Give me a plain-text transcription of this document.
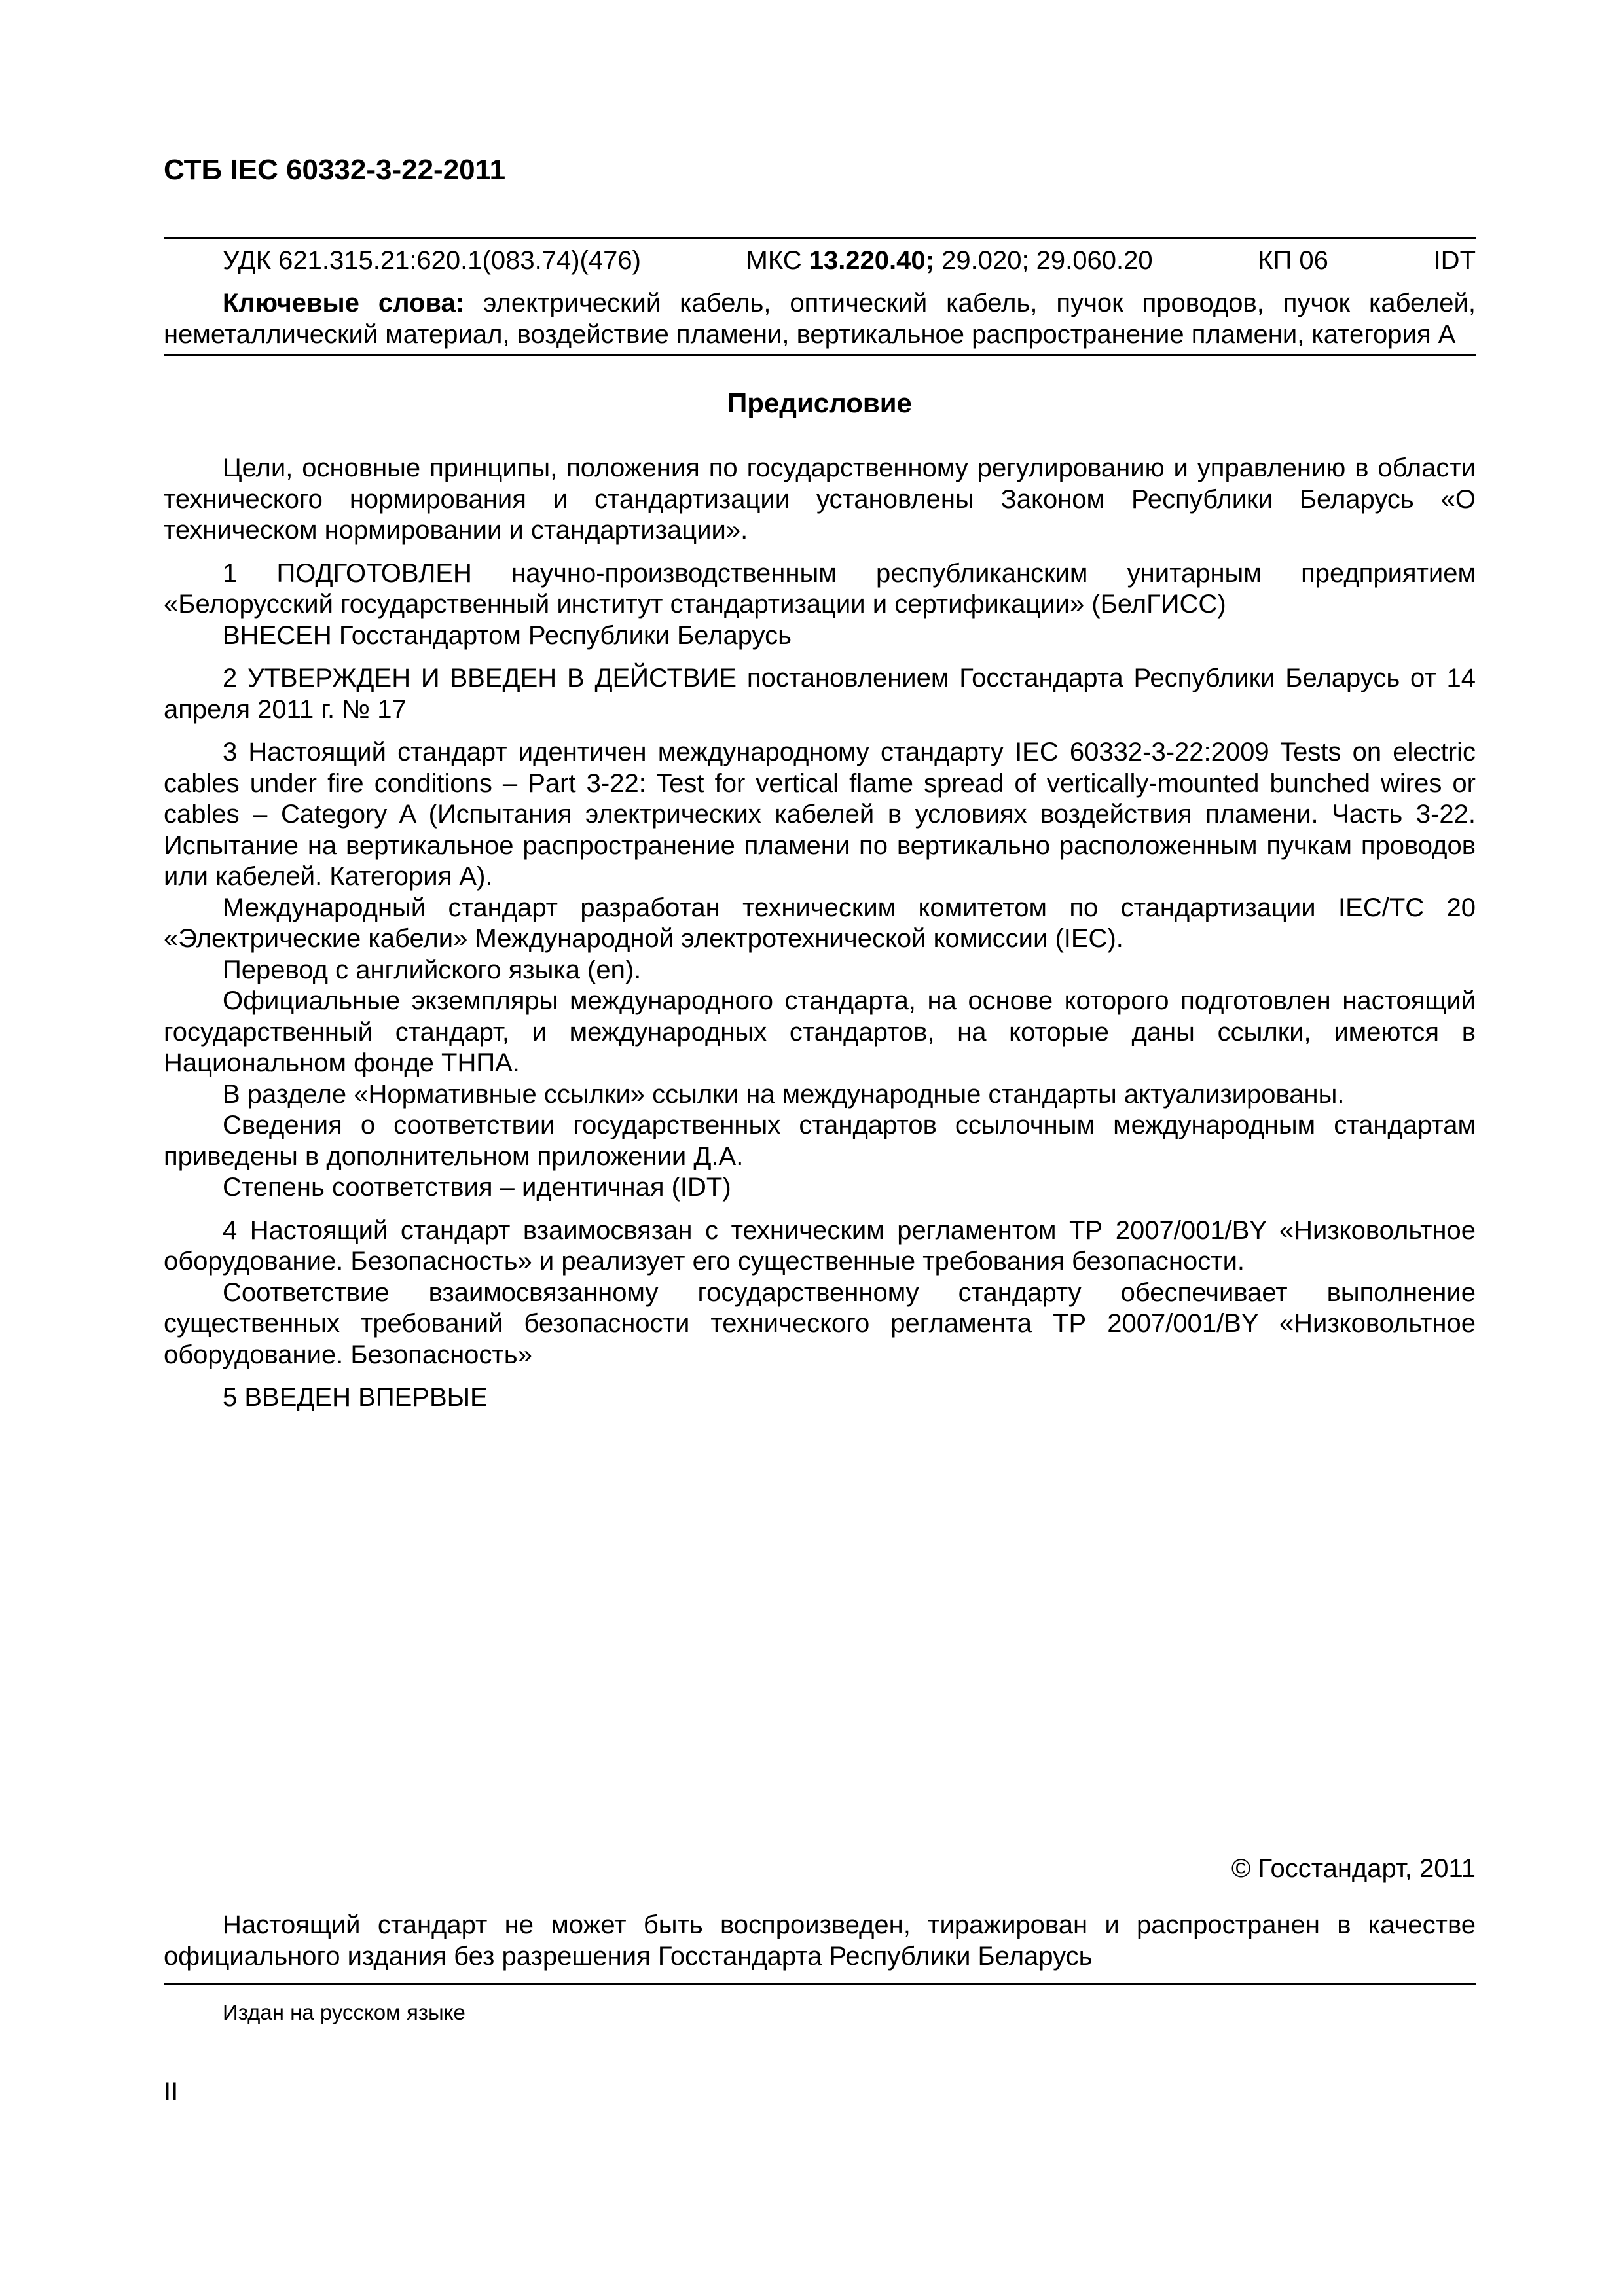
СТБ IEC 60332-3-22-2011
УДК 621.315.21:620.1(083.74)(476)	МКС 13.220.40; 29.020; 29.060.20	КП 06	IDT
Ключевые слова: электрический кабель, оптический кабель, пучок проводов, пучок кабелей, неметаллический материал, воздействие пламени, вертикальное распространение пламени, категория А
Предисловие

Цели, основные принципы, положения по государственному регулированию и управлению в области технического нормирования и стандартизации установлены Законом Республики Беларусь «О техническом нормировании и стандартизации».

1 ПОДГОТОВЛЕН научно-производственным республиканским унитарным предприятием «Белорусский государственный институт стандартизации и сертификации» (БелГИСС)

ВНЕСЕН Госстандартом Республики Беларусь

2 УТВЕРЖДЕН И ВВЕДЕН В ДЕЙСТВИЕ постановлением Госстандарта Республики Беларусь от 14 апреля 2011 г. № 17

3 Настоящий стандарт идентичен международному стандарту IEC 60332-3-22:2009 Tests on electric cables under fire conditions – Part 3-22: Test for vertical flame spread of vertically-mounted bunched wires or cables – Category A (Испытания электрических кабелей в условиях воздействия пламени. Часть 3-22. Испытание на вертикальное распространение пламени по вертикально расположенным пучкам проводов или кабелей. Категория А).

Международный стандарт разработан техническим комитетом по стандартизации IEC/TC 20 «Электрические кабели» Международной электротехнической комиссии (IEC).

Перевод с английского языка (en).

Официальные экземпляры международного стандарта, на основе которого подготовлен настоящий государственный стандарт, и международных стандартов, на которые даны ссылки, имеются в Национальном фонде ТНПА.

В разделе «Нормативные ссылки» ссылки на международные стандарты актуализированы.

Сведения о соответствии государственных стандартов ссылочным международным стандартам приведены в дополнительном приложении Д.А.

Степень соответствия – идентичная (IDT)

4 Настоящий стандарт взаимосвязан с техническим регламентом ТР 2007/001/BY «Низковольтное оборудование. Безопасность» и реализует его существенные требования безопасности.

Соответствие взаимосвязанному государственному стандарту обеспечивает выполнение существенных требований безопасности технического регламента ТР 2007/001/BY «Низковольтное оборудование. Безопасность»

5 ВВЕДЕН ВПЕРВЫЕ

© Госстандарт, 2011
Настоящий стандарт не может быть воспроизведен, тиражирован и распространен в качестве официального издания без разрешения Госстандарта Республики Беларусь
Издан на русском языке
II
